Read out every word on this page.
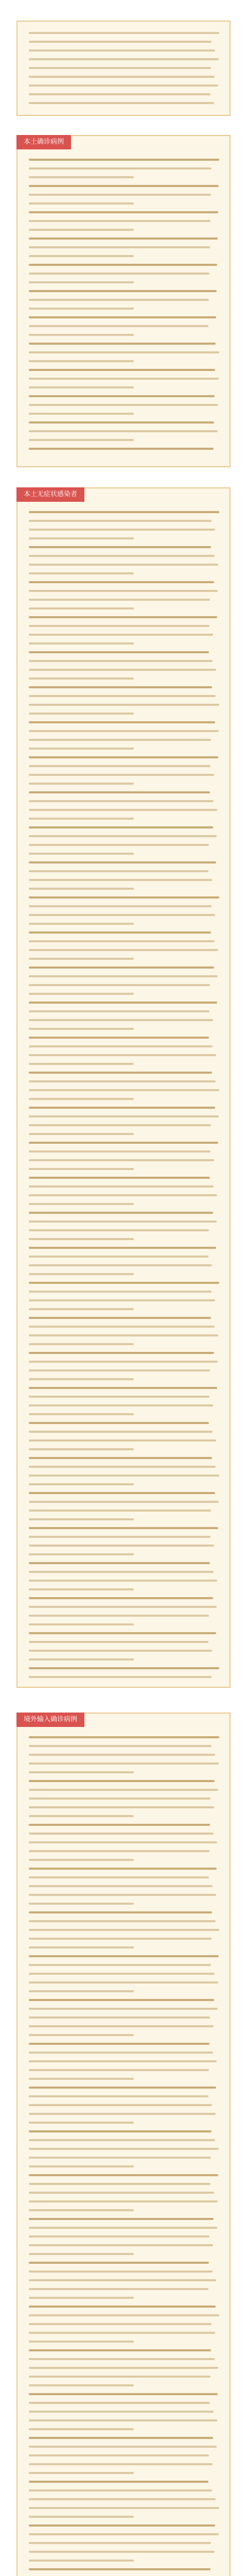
本土确诊病例
本土无症状感染者
境外输入确诊病例
